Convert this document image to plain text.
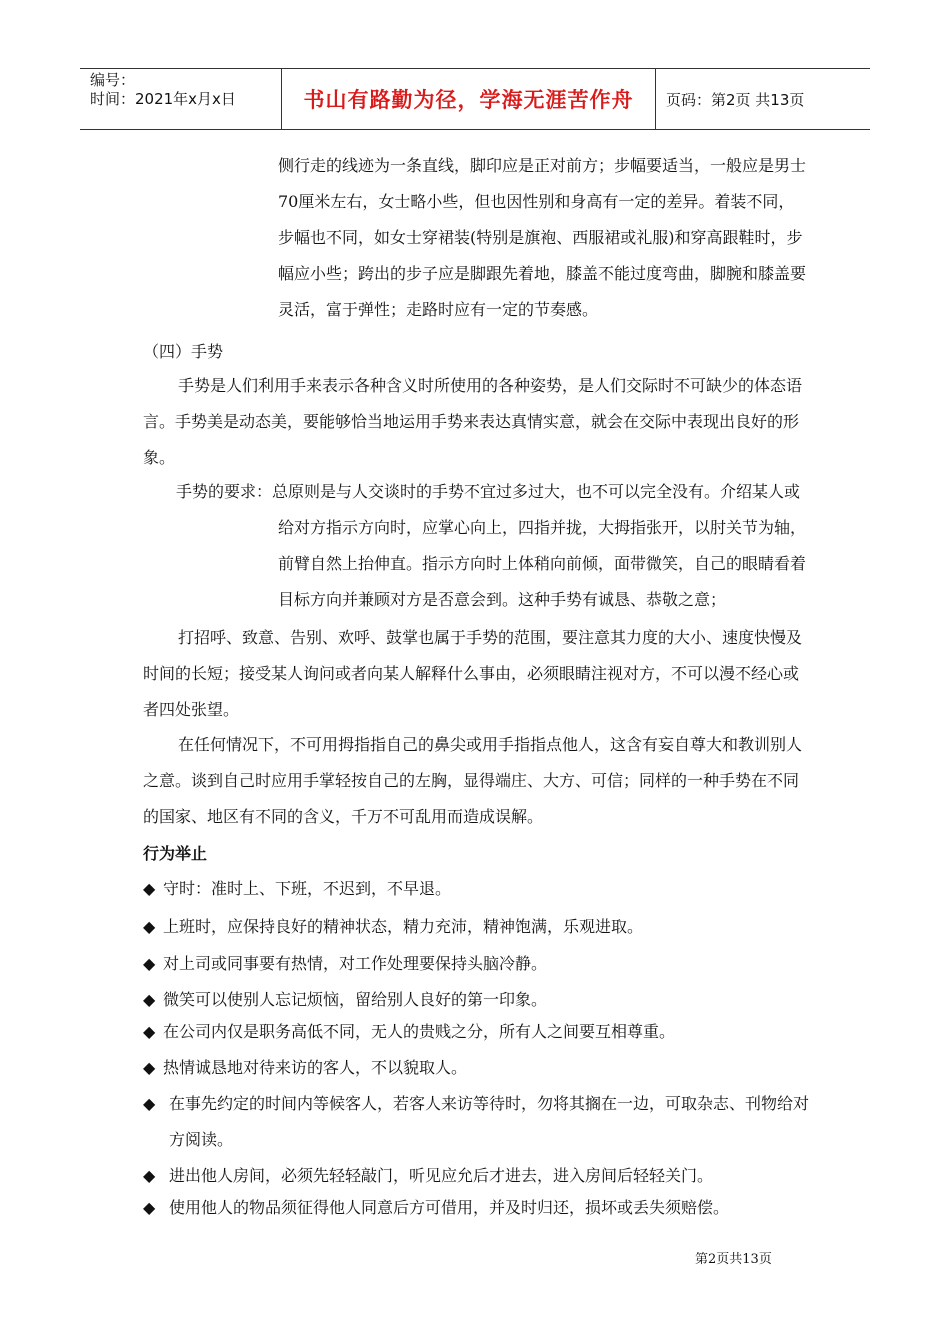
编号：
时间：2021年x月x日	书山有路勤为径，学海无涯苦作舟	页码：第2页 共13页

侧行走的线迹为一条直线，脚印应是正对前方；步幅要适当，一般应是男士70厘米左右，女士略小些，但也因性别和身高有一定的差异。着装不同，步幅也不同，如女士穿裙装(特别是旗袍、西服裙或礼服)和穿高跟鞋时，步幅应小些；跨出的步子应是脚跟先着地，膝盖不能过度弯曲，脚腕和膝盖要灵活，富于弹性；走路时应有一定的节奏感。

（四）手势

手势是人们利用手来表示各种含义时所使用的各种姿势，是人们交际时不可缺少的体态语言。手势美是动态美，要能够恰当地运用手势来表达真情实意，就会在交际中表现出良好的形象。

手势的要求：总原则是与人交谈时的手势不宜过多过大，也不可以完全没有。介绍某人或给对方指示方向时，应掌心向上，四指并拢，大拇指张开，以肘关节为轴，前臂自然上抬伸直。指示方向时上体稍向前倾，面带微笑，自己的眼睛看着目标方向并兼顾对方是否意会到。这种手势有诚恳、恭敬之意；

打招呼、致意、告别、欢呼、鼓掌也属于手势的范围，要注意其力度的大小、速度快慢及时间的长短；接受某人询问或者向某人解释什么事由，必须眼睛注视对方，不可以漫不经心或者四处张望。

在任何情况下，不可用拇指指自己的鼻尖或用手指指点他人，这含有妄自尊大和教训别人之意。谈到自己时应用手掌轻按自己的左胸，显得端庄、大方、可信；同样的一种手势在不同的国家、地区有不同的含义，千万不可乱用而造成误解。

行为举止

◆ 守时：准时上、下班，不迟到，不早退。
◆ 上班时，应保持良好的精神状态，精力充沛，精神饱满，乐观进取。
◆ 对上司或同事要有热情，对工作处理要保持头脑冷静。
◆ 微笑可以使别人忘记烦恼，留给别人良好的第一印象。
◆ 在公司内仅是职务高低不同，无人的贵贱之分，所有人之间要互相尊重。
◆ 热情诚恳地对待来访的客人，不以貌取人。
◆ 在事先约定的时间内等候客人，若客人来访等待时，勿将其搁在一边，可取杂志、刊物给对方阅读。
◆ 进出他人房间，必须先轻轻敲门，听见应允后才进去，进入房间后轻轻关门。
◆ 使用他人的物品须征得他人同意后方可借用，并及时归还，损坏或丢失须赔偿。
第2页共13页
